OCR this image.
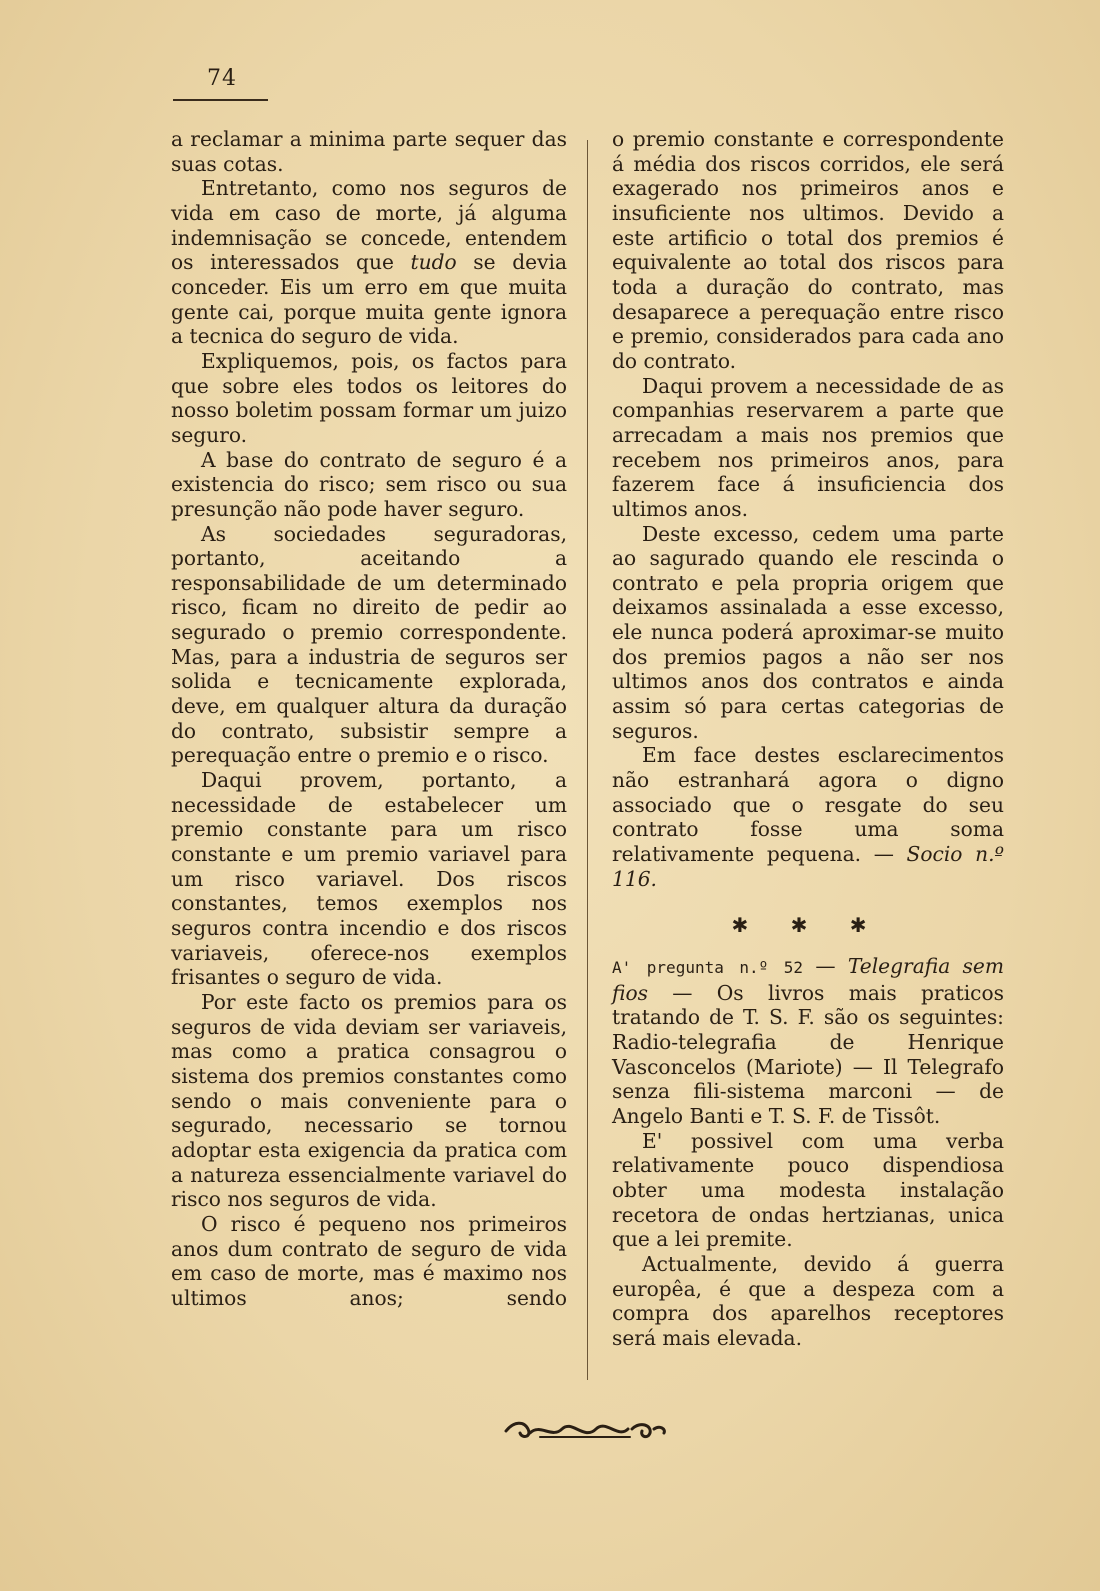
74

a reclamar a minima parte sequer das suas cotas.

Entretanto, como nos seguros de vida em caso de morte, já alguma indemnisação se concede, entendem os interessados que tudo se devia conceder. Eis um erro em que muita gente cai, porque muita gente ignora a tecnica do seguro de vida.

Expliquemos, pois, os factos para que sobre eles todos os leitores do nosso boletim possam formar um juizo seguro.

A base do contrato de seguro é a existencia do risco; sem risco ou sua presunção não pode haver seguro.

As sociedades seguradoras, portanto, aceitando a responsabilidade de um determinado risco, ficam no direito de pedir ao segurado o premio correspondente. Mas, para a industria de seguros ser solida e tecnicamente explorada, deve, em qualquer altura da duração do contrato, subsistir sempre a perequação entre o premio e o risco.

Daqui provem, portanto, a necessidade de estabelecer um premio constante para um risco constante e um premio variavel para um risco variavel. Dos riscos constantes, temos exemplos nos seguros contra incendio e dos riscos variaveis, oferece-nos exemplos frisantes o seguro de vida.

Por este facto os premios para os seguros de vida deviam ser variaveis, mas como a pratica consagrou o sistema dos premios constantes como sendo o mais conveniente para o segurado, necessario se tornou adoptar esta exigencia da pratica com a natureza essencialmente variavel do risco nos seguros de vida.

O risco é pequeno nos primeiros anos dum contrato de seguro de vida em caso de morte, mas é maximo nos ultimos anos; sendo

o premio constante e correspondente á média dos riscos corridos, ele será exagerado nos primeiros anos e insuficiente nos ultimos. Devido a este artificio o total dos premios é equivalente ao total dos riscos para toda a duração do contrato, mas desaparece a perequação entre risco e premio, considerados para cada ano do contrato.

Daqui provem a necessidade de as companhias reservarem a parte que arrecadam a mais nos premios que recebem nos primeiros anos, para fazerem face á insuficiencia dos ultimos anos.

Deste excesso, cedem uma parte ao sagurado quando ele rescinda o contrato e pela propria origem que deixamos assinalada a esse excesso, ele nunca poderá aproximar-se muito dos premios pagos a não ser nos ultimos anos dos contratos e ainda assim só para certas categorias de seguros.

Em face destes esclarecimentos não estranhará agora o digno associado que o resgate do seu contrato fosse uma soma relativamente pequena. — Socio n.º 116.

✱ ✱ ✱

A' pregunta n.º 52 — Telegrafia sem fios — Os livros mais praticos tratando de T. S. F. são os seguintes: Radio-telegrafia de Henrique Vasconcelos (Mariote) — Il Telegrafo senza fili-sistema marconi — de Angelo Banti e T. S. F. de Tissôt.

E' possivel com uma verba relativamente pouco dispendiosa obter uma modesta instalação recetora de ondas hertzianas, unica que a lei premite.

Actualmente, devido á guerra europêa, é que a despeza com a compra dos aparelhos receptores será mais elevada.
